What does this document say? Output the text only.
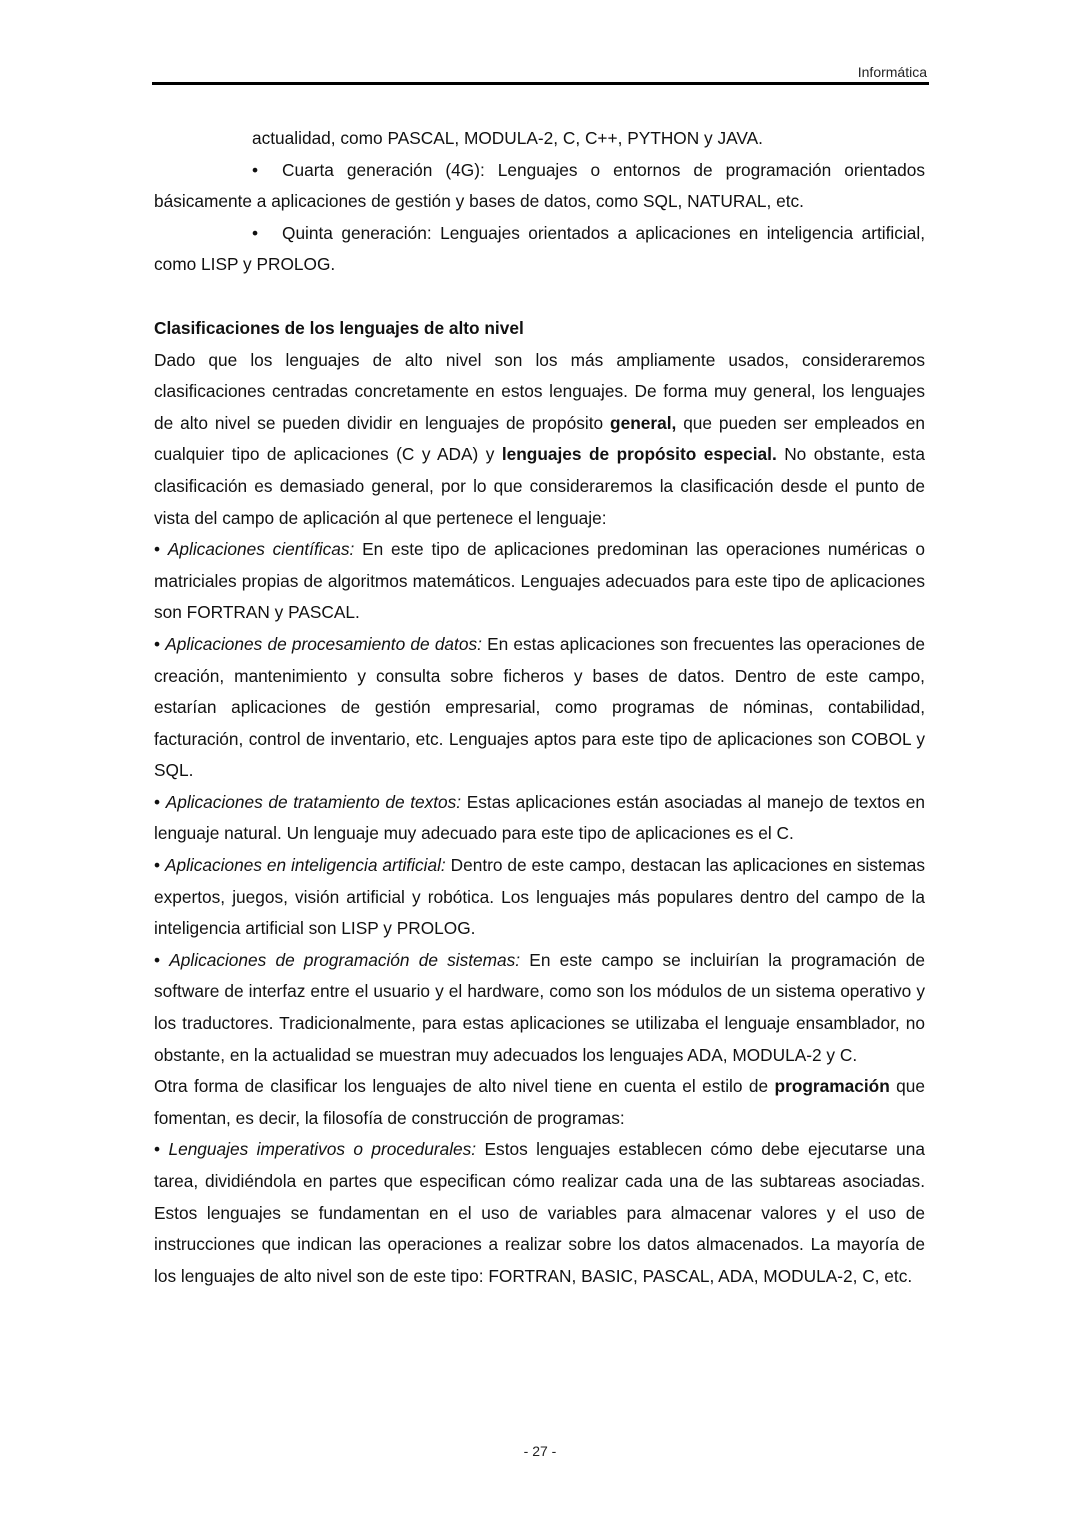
Informática

actualidad, como PASCAL, MODULA-2, C, C++, PYTHON y JAVA.

• Cuarta generación (4G): Lenguajes o entornos de programación orientados básicamente a aplicaciones de gestión y bases de datos, como SQL, NATURAL, etc.

• Quinta generación: Lenguajes orientados a aplicaciones en inteligencia artificial, como LISP y PROLOG.

Clasificaciones de los lenguajes de alto nivel

Dado que los lenguajes de alto nivel son los más ampliamente usados, consideraremos clasificaciones centradas concretamente en estos lenguajes. De forma muy general, los lenguajes de alto nivel se pueden dividir en lenguajes de propósito general, que pueden ser empleados en cualquier tipo de aplicaciones (C y ADA) y lenguajes de propósito especial. No obstante, esta clasificación es demasiado general, por lo que consideraremos la clasificación desde el punto de vista del campo de aplicación al que pertenece el lenguaje:

• Aplicaciones científicas: En este tipo de aplicaciones predominan las operaciones numéricas o matriciales propias de algoritmos matemáticos. Lenguajes adecuados para este tipo de aplicaciones son FORTRAN y PASCAL.

• Aplicaciones de procesamiento de datos: En estas aplicaciones son frecuentes las operaciones de creación, mantenimiento y consulta sobre ficheros y bases de datos. Dentro de este campo, estarían aplicaciones de gestión empresarial, como programas de nóminas, contabilidad, facturación, control de inventario, etc. Lenguajes aptos para este tipo de aplicaciones son COBOL y SQL.

• Aplicaciones de tratamiento de textos: Estas aplicaciones están asociadas al manejo de textos en lenguaje natural. Un lenguaje muy adecuado para este tipo de aplicaciones es el C.

• Aplicaciones en inteligencia artificial: Dentro de este campo, destacan las aplicaciones en sistemas expertos, juegos, visión artificial y robótica. Los lenguajes más populares dentro del campo de la inteligencia artificial son LISP y PROLOG.

• Aplicaciones de programación de sistemas: En este campo se incluirían la programación de software de interfaz entre el usuario y el hardware, como son los módulos de un sistema operativo y los traductores. Tradicionalmente, para estas aplicaciones se utilizaba el lenguaje ensamblador, no obstante, en la actualidad se muestran muy adecuados los lenguajes ADA, MODULA-2 y C.

Otra forma de clasificar los lenguajes de alto nivel tiene en cuenta el estilo de programación que fomentan, es decir, la filosofía de construcción de programas:

• Lenguajes imperativos o procedurales: Estos lenguajes establecen cómo debe ejecutarse una tarea, dividiéndola en partes que especifican cómo realizar cada una de las subtareas asociadas. Estos lenguajes se fundamentan en el uso de variables para almacenar valores y el uso de instrucciones que indican las operaciones a realizar sobre los datos almacenados. La mayoría de los lenguajes de alto nivel son de este tipo: FORTRAN, BASIC, PASCAL, ADA, MODULA-2, C, etc.

- 27 -
